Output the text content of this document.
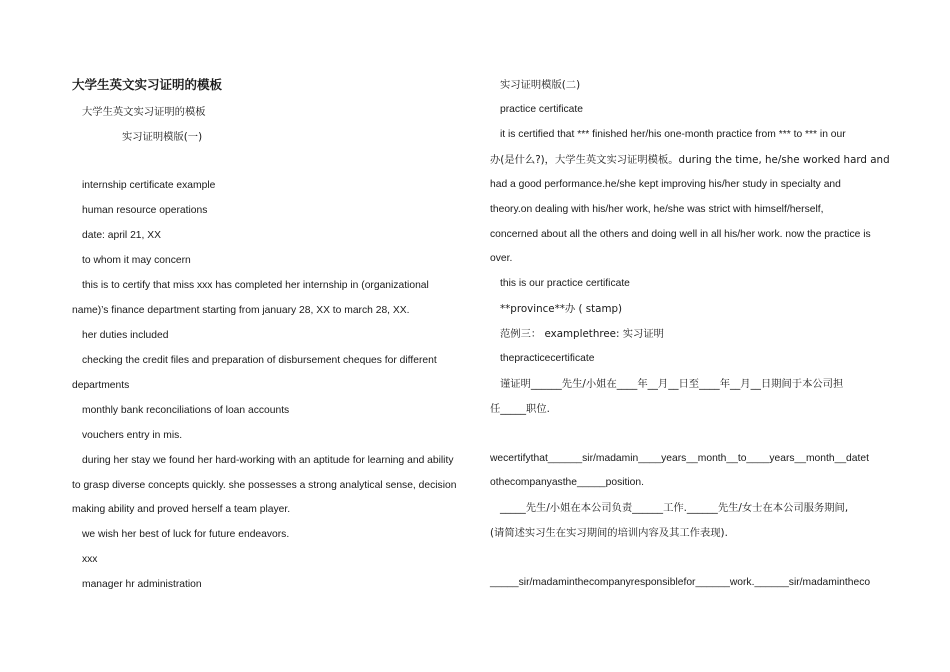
大学生英文实习证明的模板
大学生英文实习证明的模板
实习证明模版(一)
internship certificate example
human resource operations
date: april 21, XX
to whom it may concern
this is to certify that miss xxx has completed her internship in (organizational
name)’s finance department starting from january 28, XX to march 28, XX.
her duties included
checking the credit files and preparation of disbursement cheques for different
departments
monthly bank reconciliations of loan accounts
vouchers entry in mis.
during her stay we found her hard-working with an aptitude for learning and ability
to grasp diverse concepts quickly. she possesses a strong analytical sense, decision
making ability and proved herself a team player.
we wish her best of luck for future endeavors.
xxx
manager hr administration
实习证明模版(二)
practice certificate
it is certified that *** finished her/his one-month practice from *** to *** in our
办(是什么?)，大学生英文实习证明模板。during the time, he/she worked hard and
had a good performance.he/she kept improving his/her study in specialty and
theory.on dealing with his/her work, he/she was strict with himself/herself,
concerned about all the others and doing well in all his/her work. now the practice is
over.
this is our practice certificate
**province**办 ( stamp)
范例三： examplethree: 实习证明
thepracticecertificate
谨证明______先生/小姐在____年__月__日至____年__月__日期间于本公司担
任_____职位.
wecertifythat______sir/madamin____years__month__to____years__month__datet
othecompanyasthe_____position.
_____先生/小姐在本公司负责______工作.______先生/女士在本公司服务期间,
(请简述实习生在实习期间的培训内容及其工作表现).
_____sir/madaminthecompanyresponsiblefor______work.______sir/madamintheco
